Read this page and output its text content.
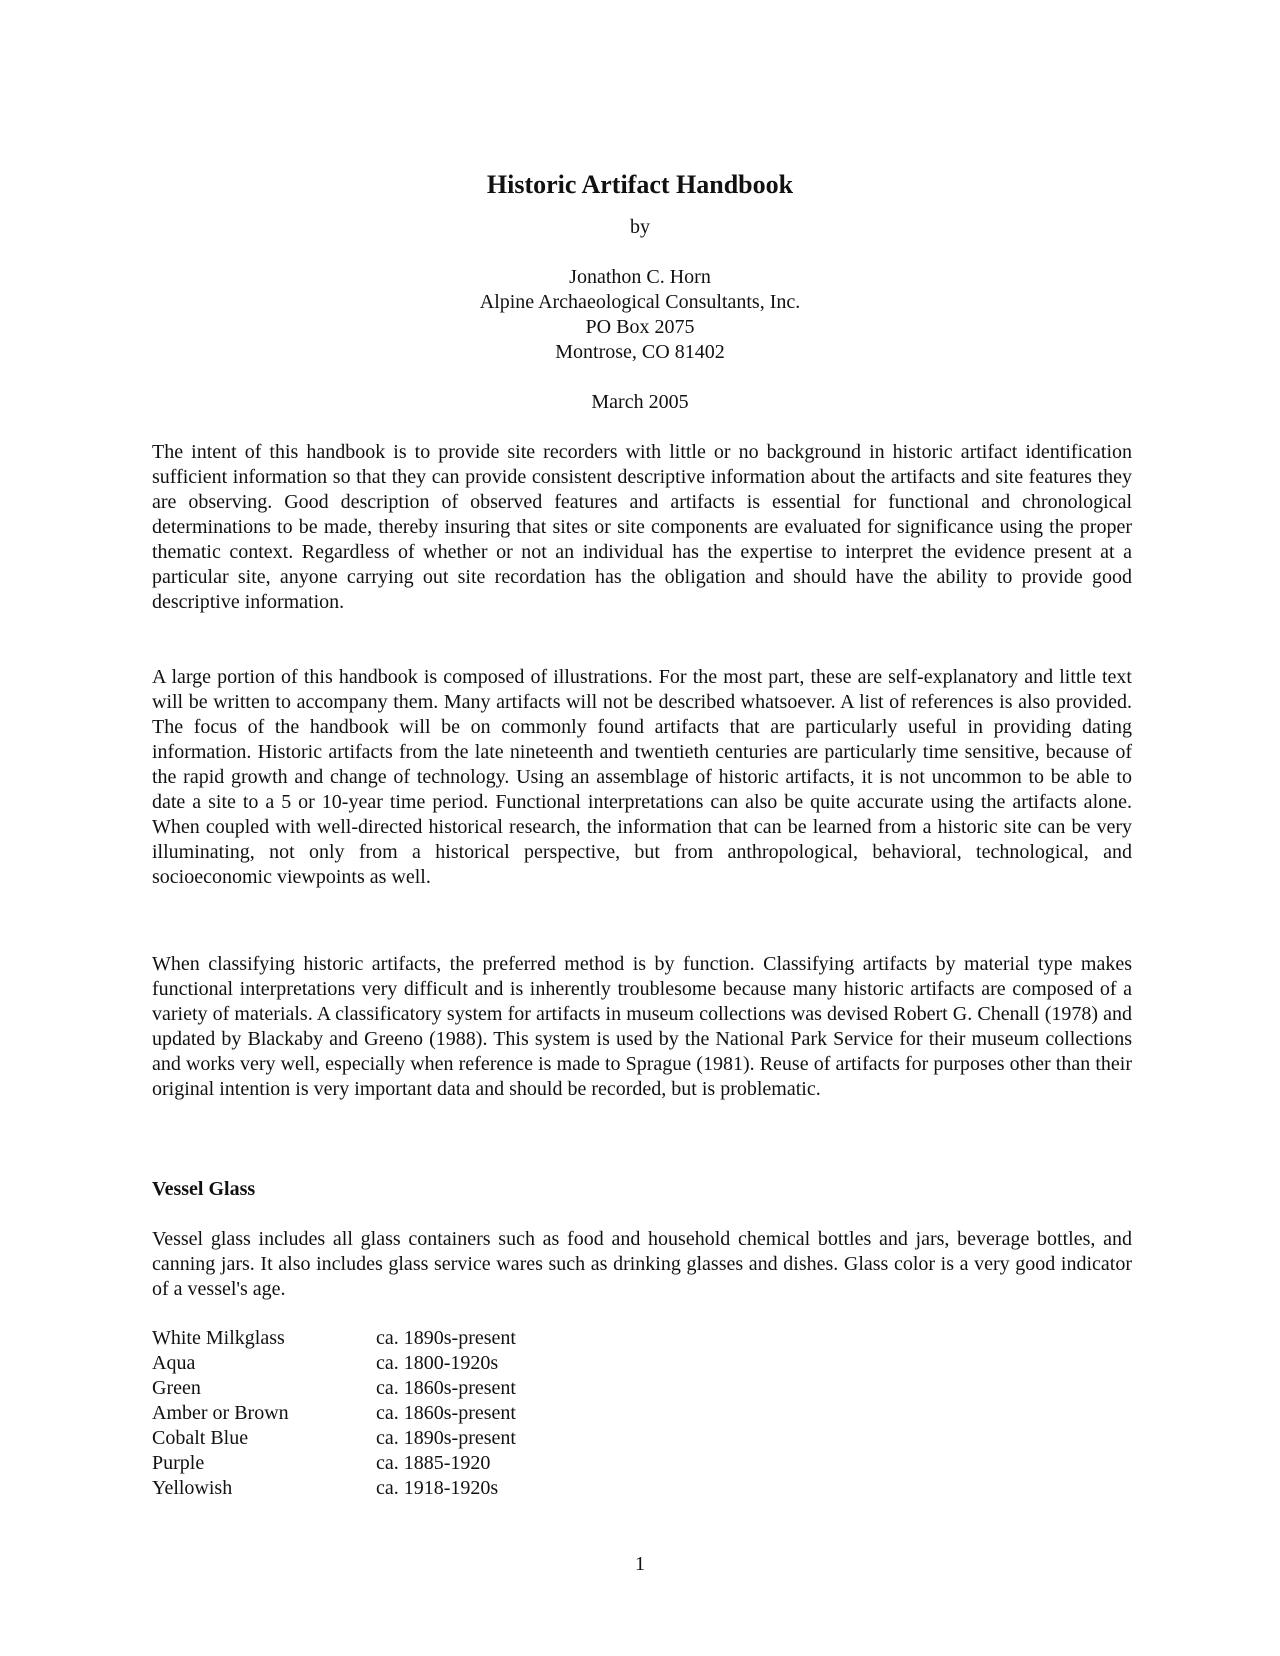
Historic Artifact Handbook

by

Jonathon C. Horn

Alpine Archaeological Consultants, Inc.

PO Box 2075

Montrose, CO 81402

March 2005

The intent of this handbook is to provide site recorders with little or no background in historic artifact identification sufficient information so that they can provide consistent descriptive information about the artifacts and site features they are observing. Good description of observed features and artifacts is essential for functional and chronological determinations to be made, thereby insuring that sites or site components are evaluated for significance using the proper thematic context. Regardless of whether or not an individual has the expertise to interpret the evidence present at a particular site, anyone carrying out site recordation has the obligation and should have the ability to provide good descriptive information.

A large portion of this handbook is composed of illustrations. For the most part, these are self-explanatory and little text will be written to accompany them. Many artifacts will not be described whatsoever. A list of references is also provided. The focus of the handbook will be on commonly found artifacts that are particularly useful in providing dating information. Historic artifacts from the late nineteenth and twentieth centuries are particularly time sensitive, because of the rapid growth and change of technology. Using an assemblage of historic artifacts, it is not uncommon to be able to date a site to a 5 or 10-year time period. Functional interpretations can also be quite accurate using the artifacts alone. When coupled with well-directed historical research, the information that can be learned from a historic site can be very illuminating, not only from a historical perspective, but from anthropological, behavioral, technological, and socioeconomic viewpoints as well.

When classifying historic artifacts, the preferred method is by function. Classifying artifacts by material type makes functional interpretations very difficult and is inherently troublesome because many historic artifacts are composed of a variety of materials. A classificatory system for artifacts in museum collections was devised Robert G. Chenall (1978) and updated by Blackaby and Greeno (1988). This system is used by the National Park Service for their museum collections and works very well, especially when reference is made to Sprague (1981). Reuse of artifacts for purposes other than their original intention is very important data and should be recorded, but is problematic.

Vessel Glass

Vessel glass includes all glass containers such as food and household chemical bottles and jars, beverage bottles, and canning jars. It also includes glass service wares such as drinking glasses and dishes. Glass color is a very good indicator of a vessel's age.

White Milkglass	ca. 1890s-present
Aqua	ca. 1800-1920s
Green	ca. 1860s-present
Amber or Brown	ca. 1860s-present
Cobalt Blue	ca. 1890s-present
Purple	ca. 1885-1920
Yellowish	ca. 1918-1920s

1
